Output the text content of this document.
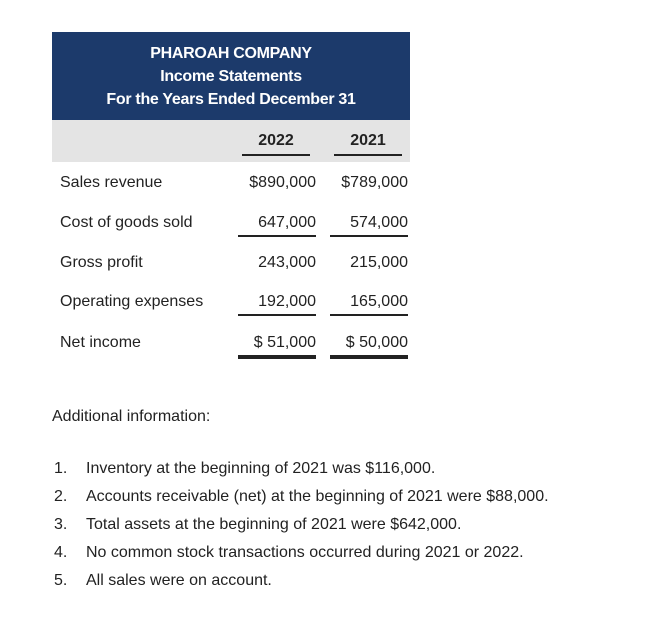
PHAROAH COMPANY
Income Statements
For the Years Ended December 31
2022	2021
Sales revenue	$890,000	$789,000
Cost of goods sold	647,000	574,000
Gross profit	243,000	215,000
Operating expenses	192,000	165,000
Net income	$ 51,000	$ 50,000
Additional information:
1. Inventory at the beginning of 2021 was $116,000.
2. Accounts receivable (net) at the beginning of 2021 were $88,000.
3. Total assets at the beginning of 2021 were $642,000.
4. No common stock transactions occurred during 2021 or 2022.
5. All sales were on account.
